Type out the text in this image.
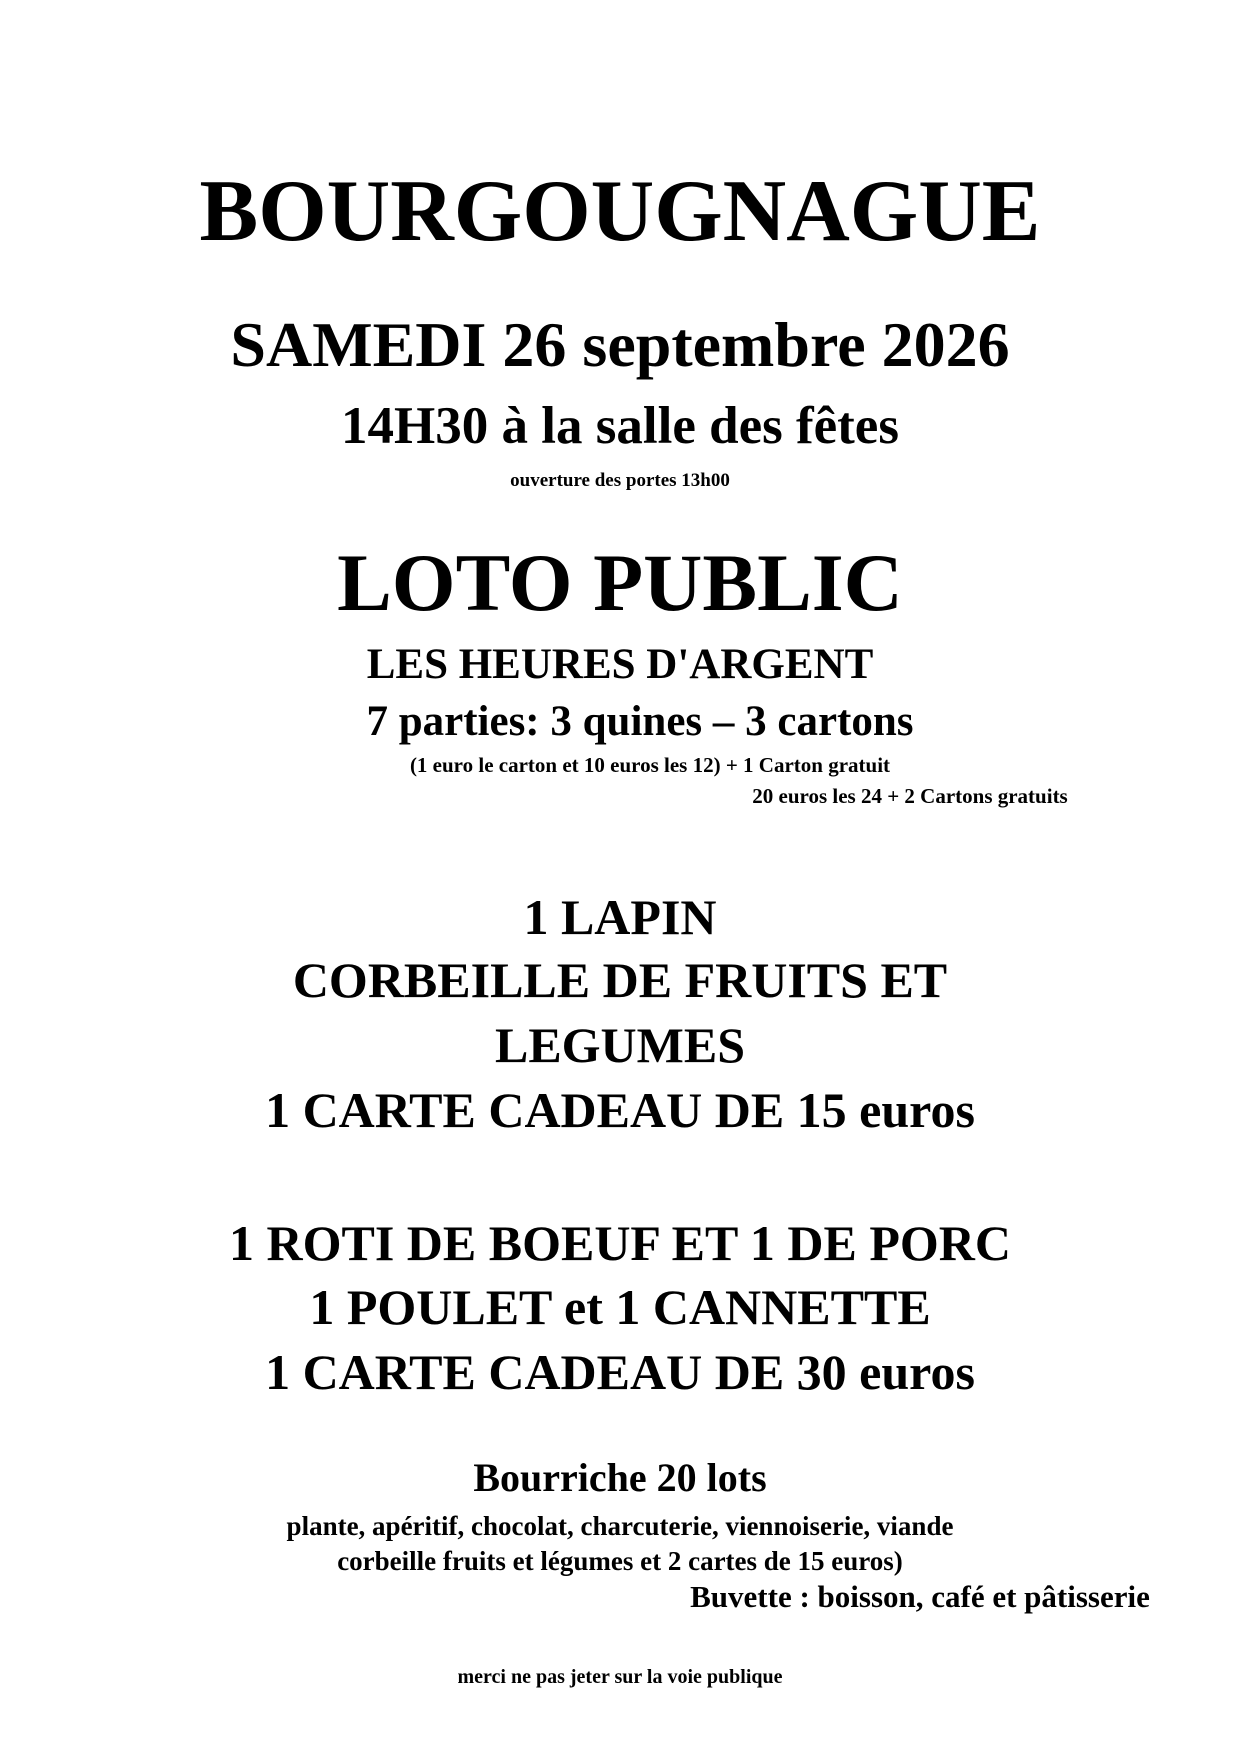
BOURGOUGNAGUE
SAMEDI 26 septembre 2026
14H30 à la salle des fêtes
ouverture des portes 13h00
LOTO PUBLIC
LES HEURES D'ARGENT
7 parties: 3 quines – 3 cartons
(1 euro le carton et 10 euros les 12) + 1 Carton gratuit
20 euros les 24 + 2 Cartons gratuits
1 LAPIN
CORBEILLE DE FRUITS ET
LEGUMES
1 CARTE CADEAU DE 15 euros
1 ROTI DE BOEUF ET 1 DE PORC
1 POULET et 1 CANNETTE
1 CARTE CADEAU DE 30 euros
Bourriche 20 lots
plante, apéritif, chocolat, charcuterie, viennoiserie, viande
corbeille fruits et légumes et 2 cartes de 15 euros)
Buvette : boisson, café et pâtisserie
merci ne pas jeter sur la voie publique
